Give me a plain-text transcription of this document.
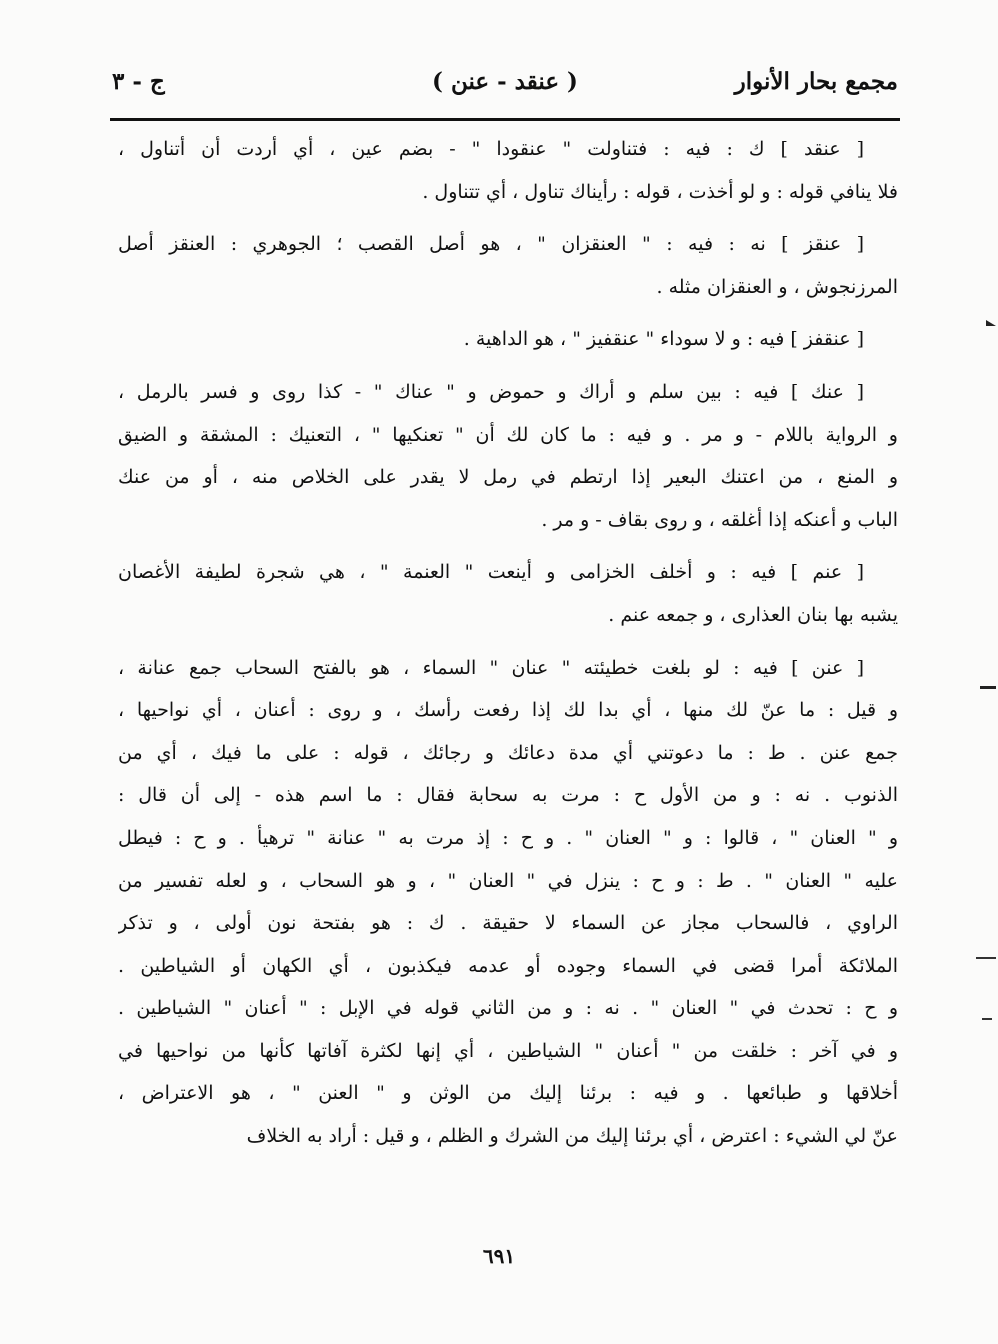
مجمع بحار الأنوار
( عنقد - عنن )
ج - ٣
[ عنقد ] ك : فيه : فتناولت " عنقودا " - بضم عين ، أي أردت أن أتناول ،
فلا ينافي قوله : و لو أخذت ، قوله : رأيناك تناول ، أي تتناول .
[ عنقز ] نه : فيه : " العنقزان " ، هو أصل القصب ؛ الجوهري : العنقز أصل
المرزنجوش ، و العنقزان مثله .
[ عنقفز ] فيه : و لا سوداء " عنقفيز " ، هو الداهية .
[ عنك ] فيه : بين سلم و أراك و حموض و " عناك " - كذا روى و فسر بالرمل ،
و الرواية باللام - و مر . و فيه : ما كان لك أن " تعنكيها " ، التعنيك : المشقة و الضيق
و المنع ، من اعتنك البعير إذا ارتطم في رمل لا يقدر على الخلاص منه ، أو من عنك
الباب و أعنكه إذا أغلقه ، و روى بقاف - و مر .
[ عنم ] فيه : و أخلف الخزامى و أينعت " العنمة " ، هي شجرة لطيفة الأغصان
يشبه بها بنان العذارى ، و جمعه عنم .
[ عنن ] فيه : لو بلغت خطيئته " عنان " السماء ، هو بالفتح السحاب جمع عنانة ،
و قيل : ما عنّ لك منها ، أي بدا لك إذا رفعت رأسك ، و روى : أعنان ، أي نواحيها ،
جمع عنن . ط : ما دعوتني أي مدة دعائك و رجائك ، قوله : على ما فيك ، أي من
الذنوب . نه : و من الأول ح : مرت به سحابة فقال : ما اسم هذه - إلى أن قال :
و " العنان " ، قالوا : و " العنان " . و ح : إذ مرت به " عنانة " ترهيأ . و ح : فيطل
عليه " العنان " . ط : و ح : ينزل في " العنان " ، و هو السحاب ، و لعله تفسير من
الراوي ، فالسحاب مجاز عن السماء لا حقيقة . ك : هو بفتحة نون أولى ، و تذكر
الملائكة أمرا قضى في السماء وجوده أو عدمه فيكذبون ، أي الكهان أو الشياطين .
و ح : تحدث في " العنان " . نه : و من الثاني قوله في الإبل : " أعنان " الشياطين .
و في آخر : خلقت من " أعنان " الشياطين ، أي إنها لكثرة آفاتها كأنها من نواحيها في
أخلاقها و طبائعها . و فيه : برئنا إليك من الوثن و " العنن " ، هو الاعتراض ،
عنّ لي الشيء : اعترض ، أي برئنا إليك من الشرك و الظلم ، و قيل : أراد به الخلاف
٦٩١
